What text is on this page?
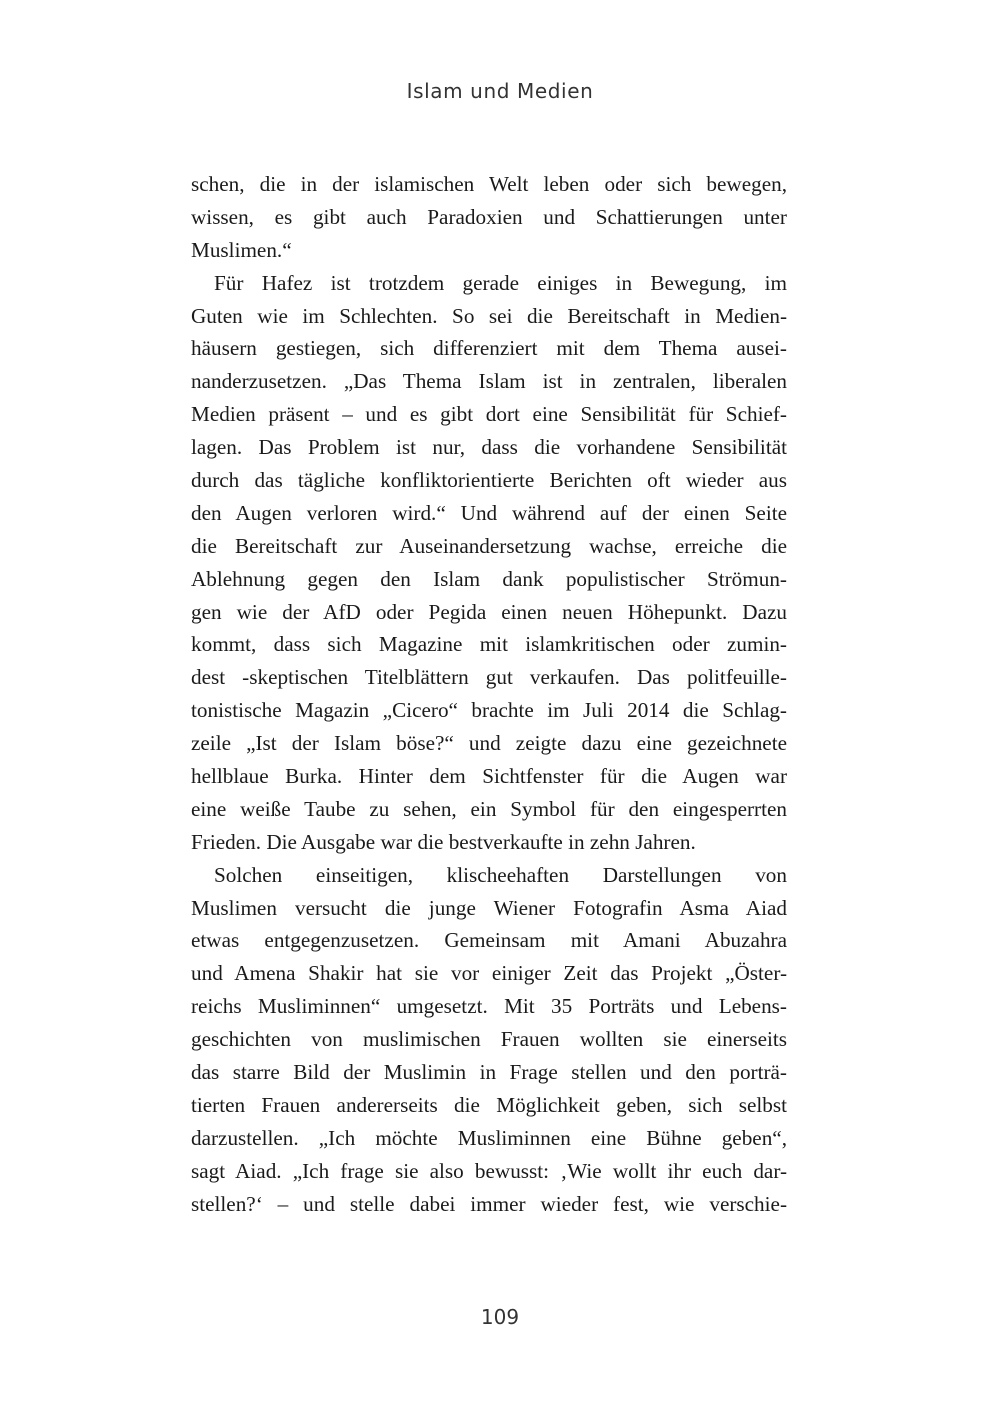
Islam und Medien

schen, die in der islamischen Welt leben oder sich bewegen,
wissen, es gibt auch Paradoxien und Schattierungen unter
Muslimen.“

Für Hafez ist trotzdem gerade einiges in Bewegung, im
Guten wie im Schlechten. So sei die Bereitschaft in Medien-
häusern gestiegen, sich differenziert mit dem Thema ausei-
nanderzusetzen. „Das Thema Islam ist in zentralen, liberalen
Medien präsent – und es gibt dort eine Sensibilität für Schief-
lagen. Das Problem ist nur, dass die vorhandene Sensibilität
durch das tägliche konfliktorientierte Berichten oft wieder aus
den Augen verloren wird.“ Und während auf der einen Seite
die Bereitschaft zur Auseinandersetzung wachse, erreiche die
Ablehnung gegen den Islam dank populistischer Strömun-
gen wie der AfD oder Pegida einen neuen Höhepunkt. Dazu
kommt, dass sich Magazine mit islamkritischen oder zumin-
dest -skeptischen Titelblättern gut verkaufen. Das politfeuille-
tonistische Magazin „Cicero“ brachte im Juli 2014 die Schlag-
zeile „Ist der Islam böse?“ und zeigte dazu eine gezeichnete
hellblaue Burka. Hinter dem Sichtfenster für die Augen war
eine weiße Taube zu sehen, ein Symbol für den eingesperrten
Frieden. Die Ausgabe war die bestverkaufte in zehn Jahren.

Solchen einseitigen, klischeehaften Darstellungen von
Muslimen versucht die junge Wiener Fotografin Asma Aiad
etwas entgegenzusetzen. Gemeinsam mit Amani Abuzahra
und Amena Shakir hat sie vor einiger Zeit das Projekt „Öster-
reichs Musliminnen“ umgesetzt. Mit 35 Porträts und Lebens-
geschichten von muslimischen Frauen wollten sie einerseits
das starre Bild der Muslimin in Frage stellen und den porträ-
tierten Frauen andererseits die Möglichkeit geben, sich selbst
darzustellen. „Ich möchte Musliminnen eine Bühne geben“,
sagt Aiad. „Ich frage sie also bewusst: ‚Wie wollt ihr euch dar-
stellen?‘ – und stelle dabei immer wieder fest, wie verschie-

109
